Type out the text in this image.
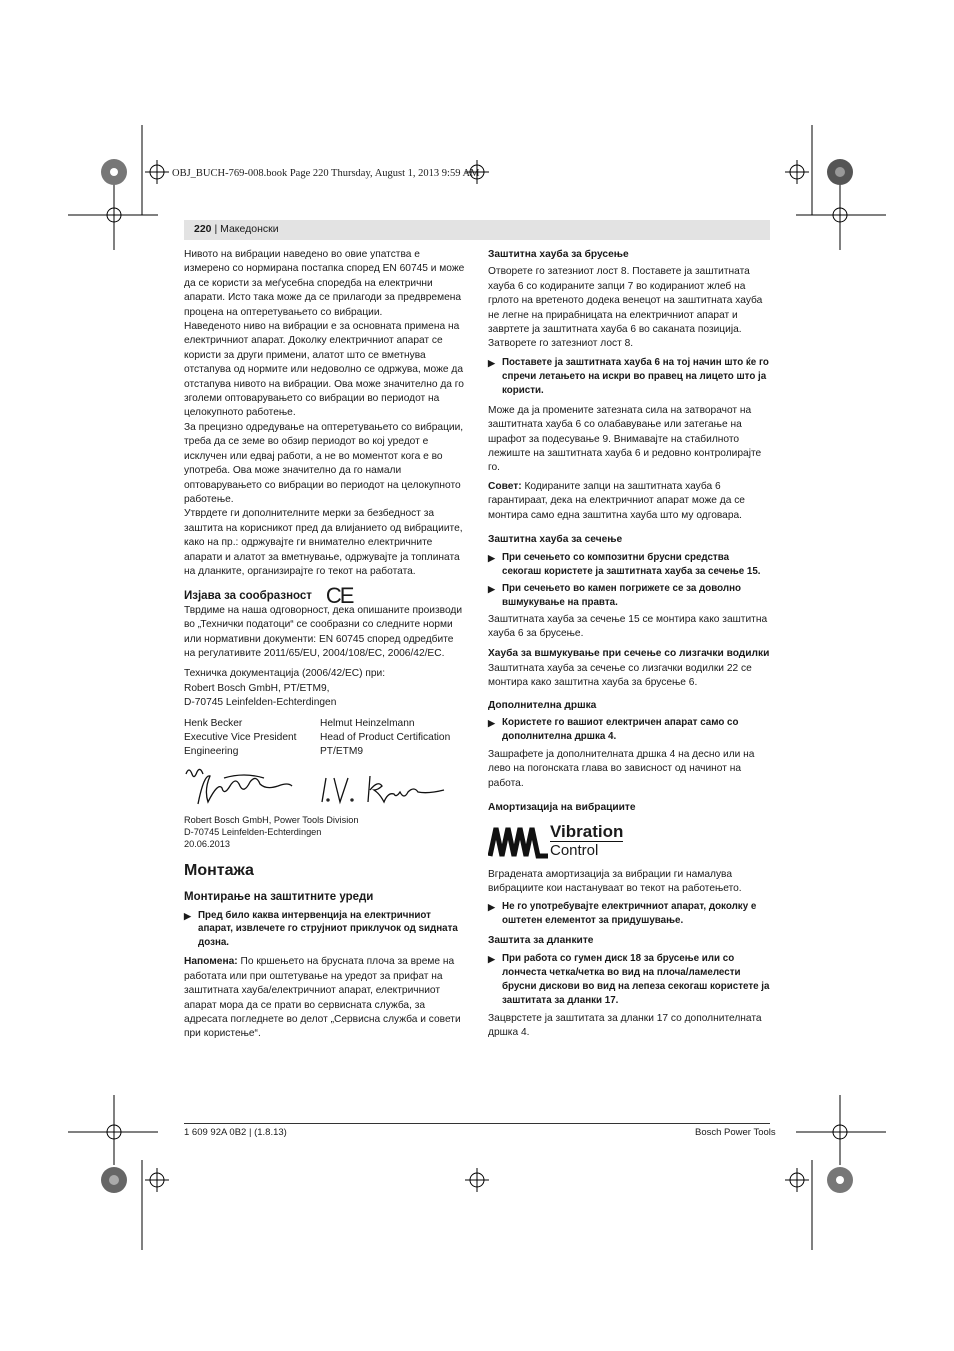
OBJ_BUCH-769-008.book Page 220 Thursday, August 1, 2013 9:59 AM
220 | Македонски

Нивото на вибрации наведено во овие упатства е измерено со нормирана постапка според EN 60745 и може да се користи за меѓусебна споредба на електрични апарати. Исто така може да се прилагоди за предвремена процена на оптеретувањето со вибрации.

Наведеното ниво на вибрации е за основната примена на електричниот апарат. Доколку електричниот апарат се користи за други примени, алатот што се вметнува отстапува од нормите или недоволно се одржува, може да отстапува нивото на вибрации. Ова може значително да го зголеми оптоварувањето со вибрации во периодот на целокупното работење.

За прецизно одредување на оптеретувањето со вибрации, треба да се земе во обзир периодот во кој уредот е исклучен или едвај работи, а не во моментот кога е во употреба. Ова може значително да го намали оптоварувањето со вибрации во периодот на целокупното работење.

Утврдете ги дополнителните мерки за безбедност за заштита на корисникот пред да влијанието од вибрациите, како на пр.: одржувајте ги внимателно електричните апарати и алатот за вметнување, одржувајте ја топлината на дланките, организирајте го текот на работата.

Изјава за сообразност CE

Тврдиме на наша одговорност, дека опишаните производи во „Технички податоци“ се сообразни со следните норми или нормативни документи: EN 60745 според одредбите на регулативите 2011/65/EU, 2004/108/EC, 2006/42/EC.

Техничка документација (2006/42/EC) при:

Robert Bosch GmbH, PT/ETM9,

D-70745 Leinfelden-Echterdingen

Henk Becker

Executive Vice President

Engineering

Helmut Heinzelmann

Head of Product Certification

PT/ETM9

Robert Bosch GmbH, Power Tools Division

D-70745 Leinfelden-Echterdingen

20.06.2013

Монтажа
Монтирање на заштитните уреди
▶ Пред било каква интервенција на електричниот апарат, извлечете го струјниот приклучок од ѕидната дозна.

Напомена: По кршењето на брусната плоча за време на работата или при оштетување на уредот за прифат на заштитната хауба/електричниот апарат, електричниот апарат мора да се прати во сервисната служба, за адресата погледнете во делот „Сервисна служба и совети при користење“.

Заштитна хауба за брусење

Отворете го затезниот лост 8. Поставете ја заштитната хауба 6 со кодираните запци 7 во кодираниот жлеб на грлото на вретеното додека венецот на заштитната хауба не легне на прирабницата на електричниот апарат и завртете ја заштитната хауба 6 во саканата позиција. Затворете го затезниот лост 8.

▶ Поставете ја заштитната хауба 6 на тој начин што ќе го спречи летањето на искри во правец на лицето што ја користи.

Може да ја промените затезната сила на затворачот на заштитната хауба 6 со олабавување или затегање на шрафот за подесување 9. Внимавајте на стабилното лежиште на заштитната хауба 6 и редовно контролирајте го.

Совет: Кодираните запци на заштитната хауба 6 гарантираат, дека на електричниот апарат може да се монтира само една заштитна хауба што му одговара.

Заштитна хауба за сечење
▶ При сечењето со композитни брусни средства секогаш користете ја заштитната хауба за сечење 15.
▶ При сечењето во камен погрижете се за доволно вшмукување на правта.

Заштитната хауба за сечење 15 се монтира како заштитна хауба 6 за брусење.

Хауба за вшмукување при сечење со лизгачки водилки

Заштитната хауба за сечење со лизгачки водилки 22 се монтира како заштитна хауба за брусење 6.

Дополнителна дршка
▶ Користете го вашиот електричен апарат само со дополнителна дршка 4.

Зашрафете ја дополнителната дршка 4 на десно или на лево на погонската глава во зависност од начинот на работа.

Амортизација на вибрациите
Vibration
Control

Вградената амортизација за вибрации ги намалува вибрациите кои настануваат во текот на работењето.

▶ Не го употребувајте електричниот апарат, доколку е оштетен елементот за придушување.
Заштита за дланките
▶ При работа со гумен диск 18 за брусење или со лончеста четка/четка во вид на плоча/ламелести брусни дискови во вид на лепеза секогаш користете ја заштитата за дланки 17.

Зацврстете ја заштитата за дланки 17 со дополнителната дршка 4.

1 609 92A 0B2 | (1.8.13)	Bosch Power Tools
